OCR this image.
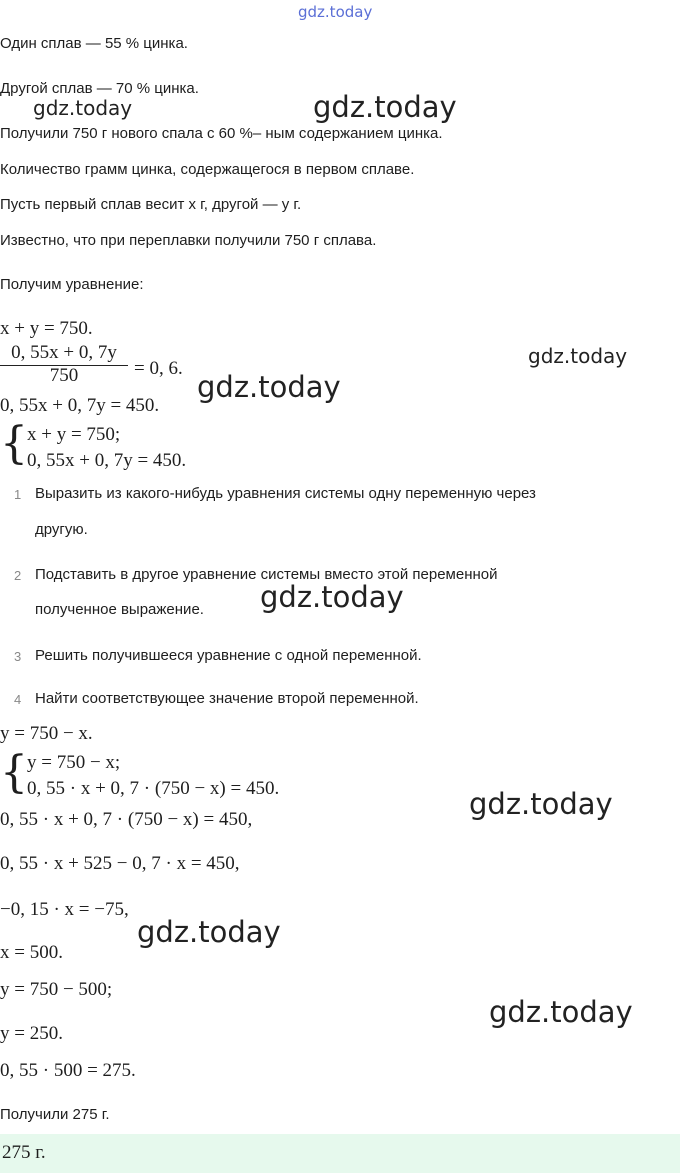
gdz.today
gdz.today	gdz.today
gdz.today
gdz.today
gdz.today
gdz.today
gdz.today
gdz.today
Один сплав — 55 % цинка.
Другой сплав — 70 % цинка.
Получили 750 г нового спала с 60 %– ным содержанием цинка.
Количество грамм цинка, содержащегося в первом сплаве.
Пусть первый сплав весит x г, другой — y г.
Известно, что при переплавки получили 750 г сплава.
Получим уравнение:
x + y = 750.
0, 55x + 0, 7y
750	= 0, 6.
0, 55x + 0, 7y = 450.
{ x + y = 750;
0, 55x + 0, 7y = 450.
1 Выразить из какого-нибудь уравнения системы одну переменную через
другую.
2 Подставить в другое уравнение системы вместо этой переменной
полученное выражение.
3 Решить получившееся уравнение с одной переменной.
4 Найти соответствующее значение второй переменной.
y = 750 − x.
{ y = 750 − x;
0, 55 · x + 0, 7 · (750 − x) = 450.
0, 55 · x + 0, 7 · (750 − x) = 450,
0, 55 · x + 525 − 0, 7 · x = 450,
−0, 15 · x = −75,
x = 500.
y = 750 − 500;
y = 250.
0, 55 · 500 = 275.
Получили 275 г.
275 г.
